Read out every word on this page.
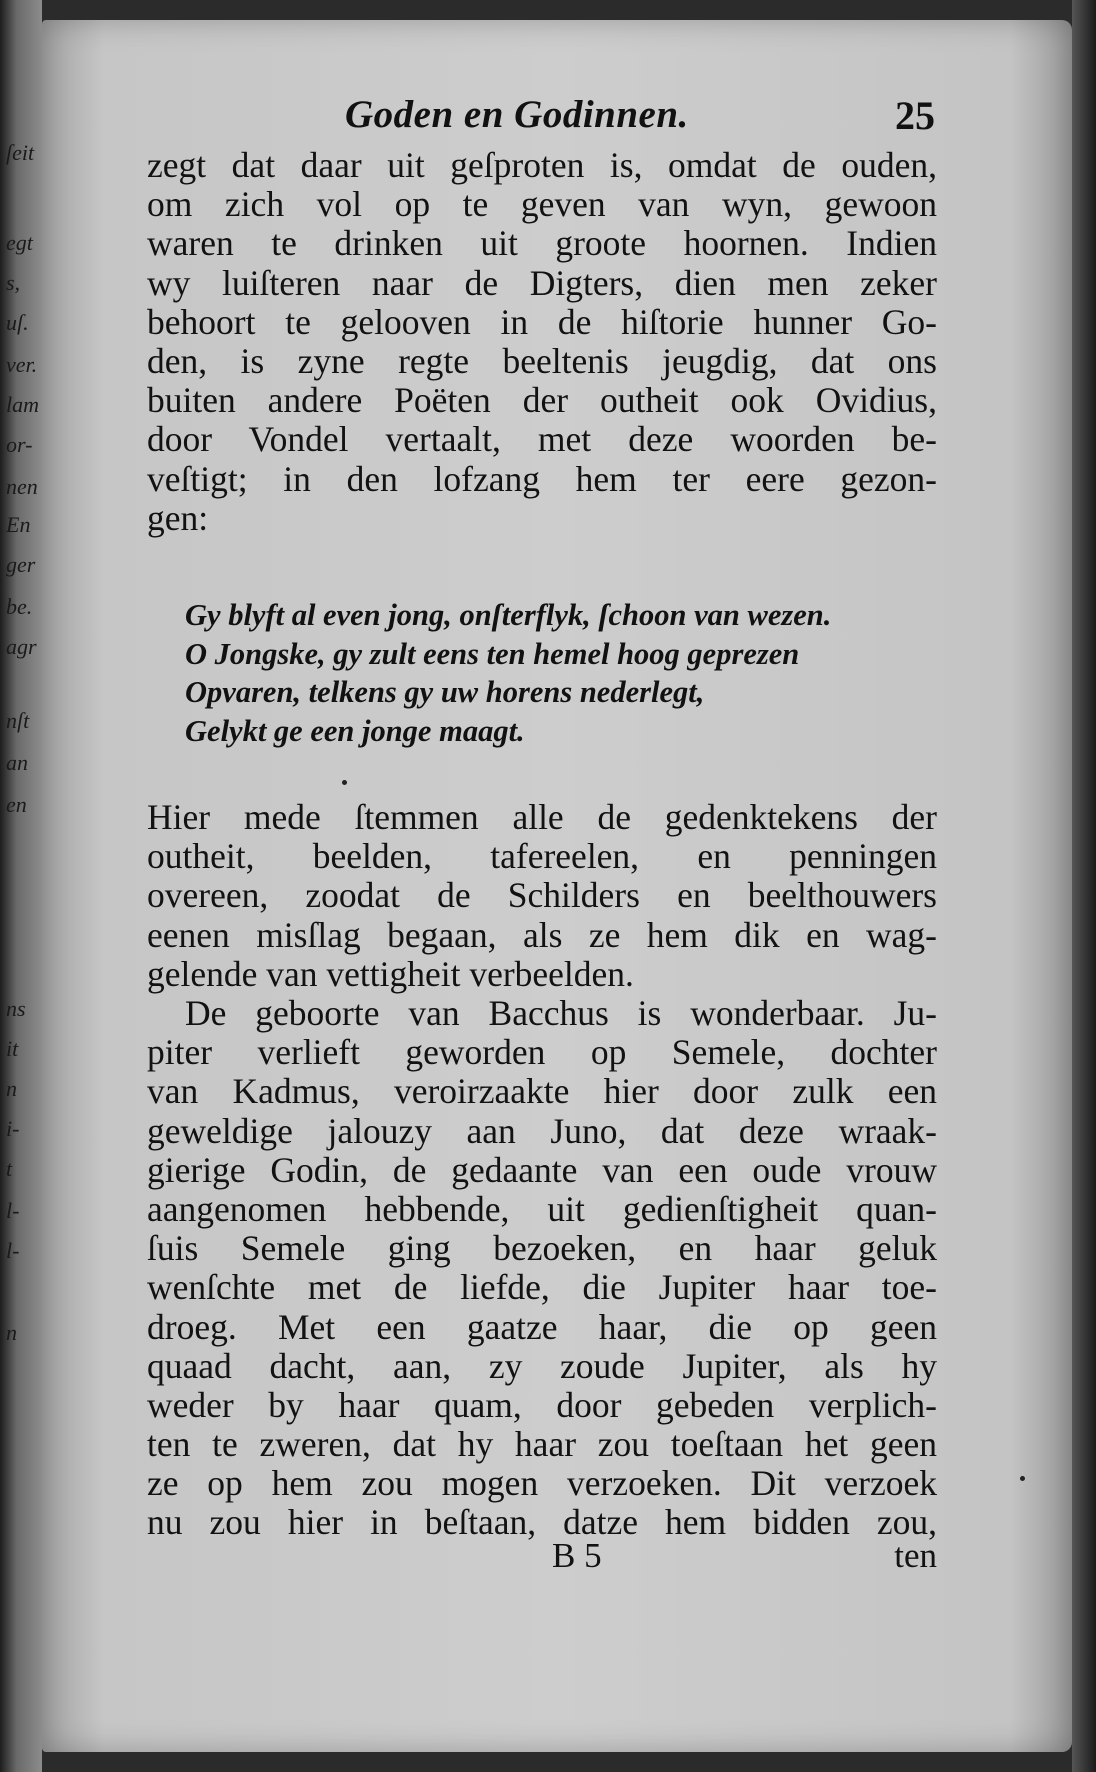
ſeit
egt
s,
uſ.
ver.
lam
or-
nen
En
ger
be.
agr
nſt
an
en
ns
it
n
i-
t
l-
l-
n
Goden en Godinnen.	25
zegt dat daar uit geſproten is, omdat de ouden,
om zich vol op te geven van wyn, gewoon
waren te drinken uit groote hoornen. Indien
wy luiſteren naar de Digters, dien men zeker
behoort te gelooven in de hiſtorie hunner Go-
den, is zyne regte beeltenis jeugdig, dat ons
buiten andere Poëten der outheit ook Ovidius,
door Vondel vertaalt, met deze woorden be-
veſtigt; in den lofzang hem ter eere gezon-
gen:
Gy blyft al even jong, onſterflyk, ſchoon van wezen.
O Jongske, gy zult eens ten hemel hoog geprezen
Opvaren, telkens gy uw horens nederlegt,
Gelykt ge een jonge maagt.
Hier mede ſtemmen alle de gedenktekens der
outheit, beelden, tafereelen, en penningen
overeen, zoodat de Schilders en beelthouwers
eenen misſlag begaan, als ze hem dik en wag-
gelende van vettigheit verbeelden.
De geboorte van Bacchus is wonderbaar. Ju-
piter verlieft geworden op Semele, dochter
van Kadmus, veroirzaakte hier door zulk een
geweldige jalouzy aan Juno, dat deze wraak-
gierige Godin, de gedaante van een oude vrouw
aangenomen hebbende, uit gedienſtigheit quan-
ſuis Semele ging bezoeken, en haar geluk
wenſchte met de liefde, die Jupiter haar toe-
droeg. Met een gaatze haar, die op geen
quaad dacht, aan, zy zoude Jupiter, als hy
weder by haar quam, door gebeden verplich-
ten te zweren, dat hy haar zou toeſtaan het geen
ze op hem zou mogen verzoeken. Dit verzoek
nu zou hier in beſtaan, datze hem bidden zou,
B 5	ten
